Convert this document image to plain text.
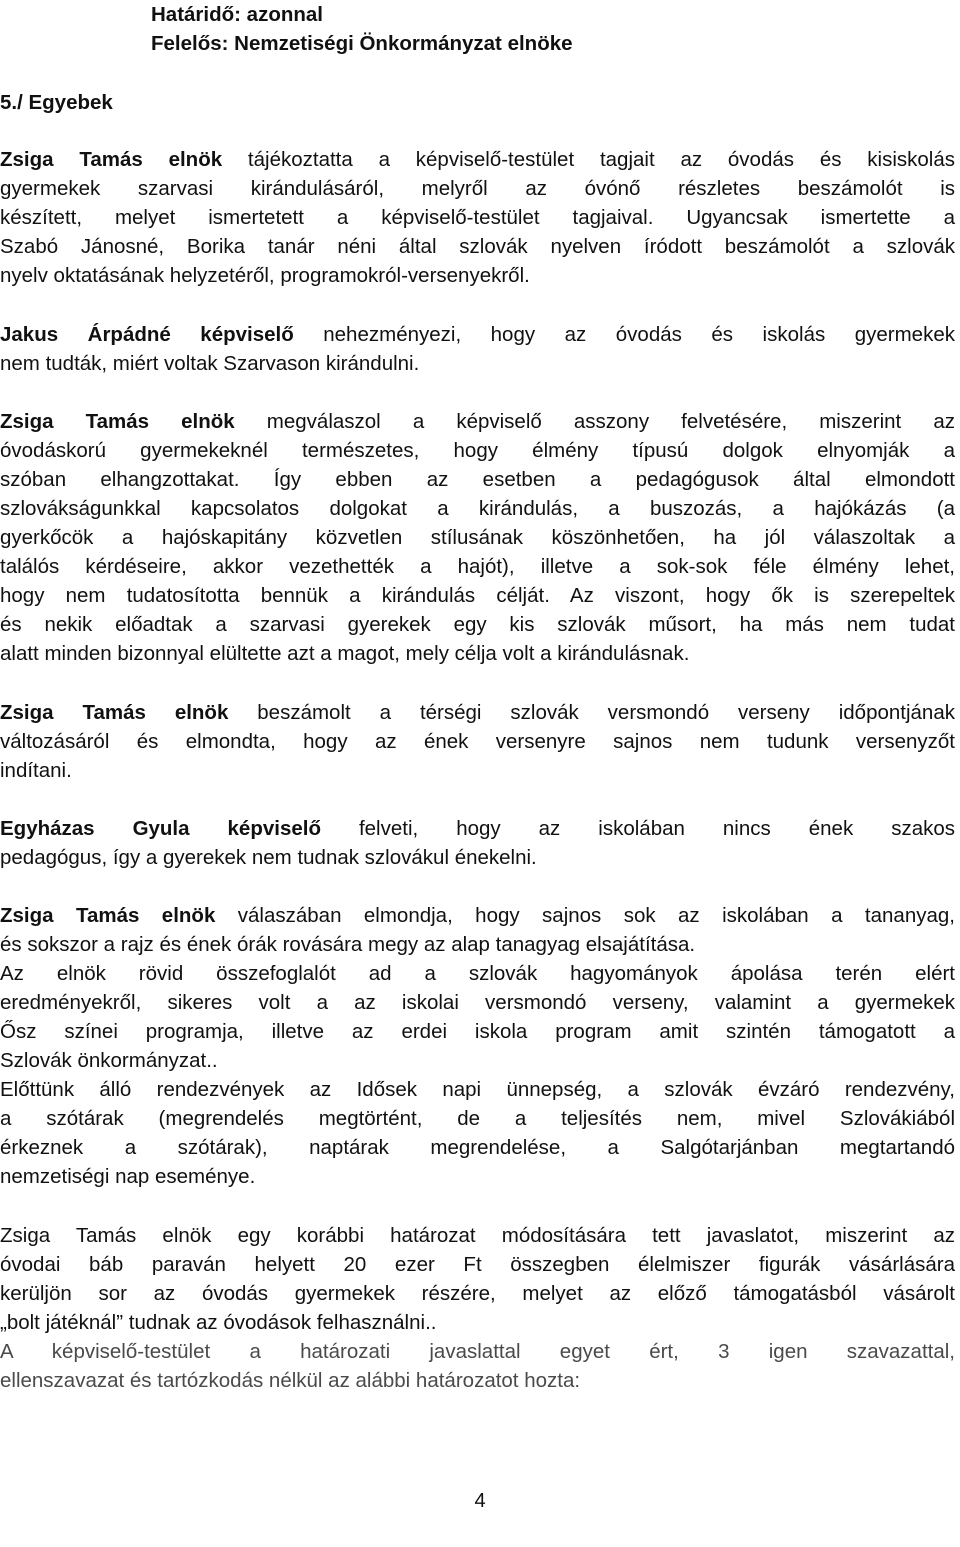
Határidő: azonnal
Felelős: Nemzetiségi Önkormányzat elnöke
5./ Egyebek
Zsiga Tamás elnök tájékoztatta a képviselő-testület tagjait az óvodás és kisiskolás
gyermekek szarvasi kirándulásáról, melyről az óvónő részletes beszámolót is
készített, melyet ismertetett a képviselő-testület tagjaival. Ugyancsak ismertette a
Szabó Jánosné, Borika tanár néni által szlovák nyelven íródott beszámolót a szlovák
nyelv oktatásának helyzetéről, programokról-versenyekről.
Jakus Árpádné képviselő nehezményezi, hogy az óvodás és iskolás gyermekek
nem tudták, miért voltak Szarvason kirándulni.
Zsiga Tamás elnök megválaszol a képviselő asszony felvetésére, miszerint az
óvodáskorú gyermekeknél természetes, hogy élmény típusú dolgok elnyomják a
szóban elhangzottakat. Így ebben az esetben a pedagógusok által elmondott
szlovákságunkkal kapcsolatos dolgokat a kirándulás, a buszozás, a hajókázás (a
gyerkőcök a hajóskapitány közvetlen stílusának köszönhetően, ha jól válaszoltak a
találós kérdéseire, akkor vezethették a hajót), illetve a sok-sok féle élmény lehet,
hogy nem tudatosította bennük a kirándulás célját. Az viszont, hogy ők is szerepeltek
és nekik előadtak a szarvasi gyerekek egy kis szlovák műsort, ha más nem tudat
alatt minden bizonnyal elültette azt a magot, mely célja volt a kirándulásnak.
Zsiga Tamás elnök beszámolt a térségi szlovák versmondó verseny időpontjának
változásáról és elmondta, hogy az ének versenyre sajnos nem tudunk versenyzőt
indítani.
Egyházas Gyula képviselő felveti, hogy az iskolában nincs ének szakos
pedagógus, így a gyerekek nem tudnak szlovákul énekelni.
Zsiga Tamás elnök válaszában elmondja, hogy sajnos sok az iskolában a tananyag,
és sokszor a rajz és ének órák rovására megy az alap tanagyag elsajátítása.
Az elnök rövid összefoglalót ad a szlovák hagyományok ápolása terén elért
eredményekről, sikeres volt a az iskolai versmondó verseny, valamint a gyermekek
Ősz színei programja, illetve az erdei iskola program amit szintén támogatott a
Szlovák önkormányzat..
Előttünk álló rendezvények az Idősek napi ünnepség, a szlovák évzáró rendezvény,
a szótárak (megrendelés megtörtént, de a teljesítés nem, mivel Szlovákiából
érkeznek a szótárak), naptárak megrendelése, a Salgótarjánban megtartandó
nemzetiségi nap eseménye.
Zsiga Tamás elnök egy korábbi határozat módosítására tett javaslatot, miszerint az
óvodai báb paraván helyett 20 ezer Ft összegben élelmiszer figurák vásárlására
kerüljön sor az óvodás gyermekek részére, melyet az előző támogatásból vásárolt
„bolt játéknál” tudnak az óvodások felhasználni..
A képviselő-testület a határozati javaslattal egyet ért, 3 igen szavazattal,
ellenszavazat és tartózkodás nélkül az alábbi határozatot hozta:
4
